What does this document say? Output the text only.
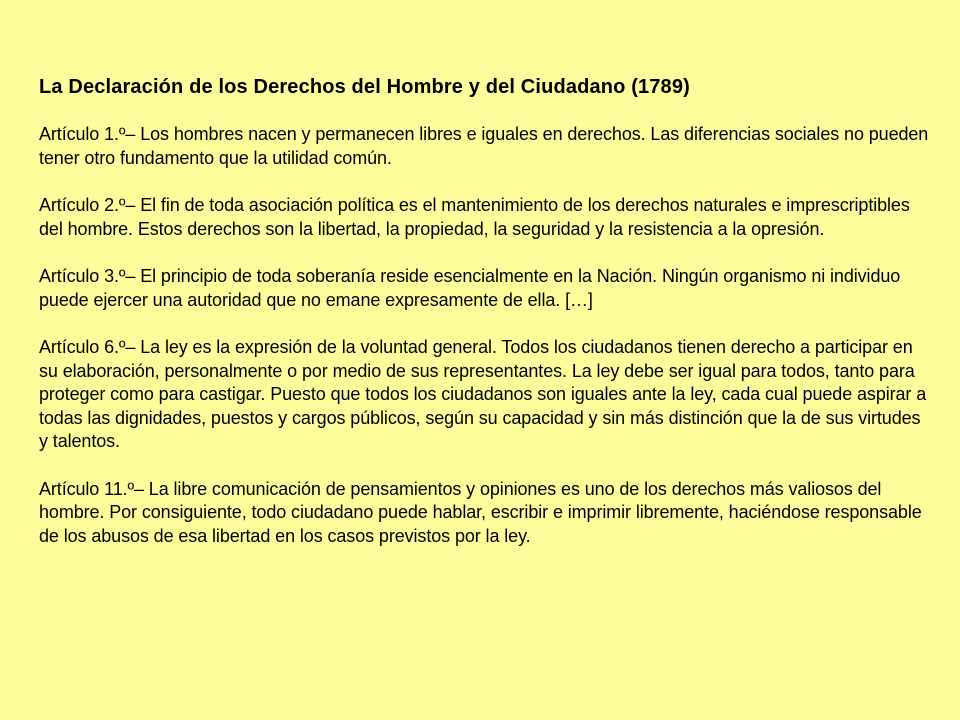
La Declaración de los Derechos del Hombre y del Ciudadano (1789)

Artículo 1.º– Los hombres nacen y permanecen libres e iguales en derechos. Las diferencias sociales no pueden tener otro fundamento que la utilidad común.

Artículo 2.º– El fin de toda asociación política es el mantenimiento de los derechos naturales e imprescriptibles del hombre. Estos derechos son la libertad, la propiedad, la seguridad y la resistencia a la opresión.

Artículo 3.º– El principio de toda soberanía reside esencialmente en la Nación. Ningún organismo ni individuo puede ejercer una autoridad que no emane expresamente de ella. […]

Artículo 6.º– La ley es la expresión de la voluntad general. Todos los ciudadanos tienen derecho a participar en su elaboración, personalmente o por medio de sus representantes. La ley debe ser igual para todos, tanto para proteger como para castigar. Puesto que todos los ciudadanos son iguales ante la ley, cada cual puede aspirar a todas las dignidades, puestos y cargos públicos, según su capacidad y sin más distinción que la de sus virtudes y talentos.

Artículo 11.º– La libre comunicación de pensamientos y opiniones es uno de los derechos más valiosos del hombre. Por consiguiente, todo ciudadano puede hablar, escribir e imprimir libremente, haciéndose responsable de los abusos de esa libertad en los casos previstos por la ley.
